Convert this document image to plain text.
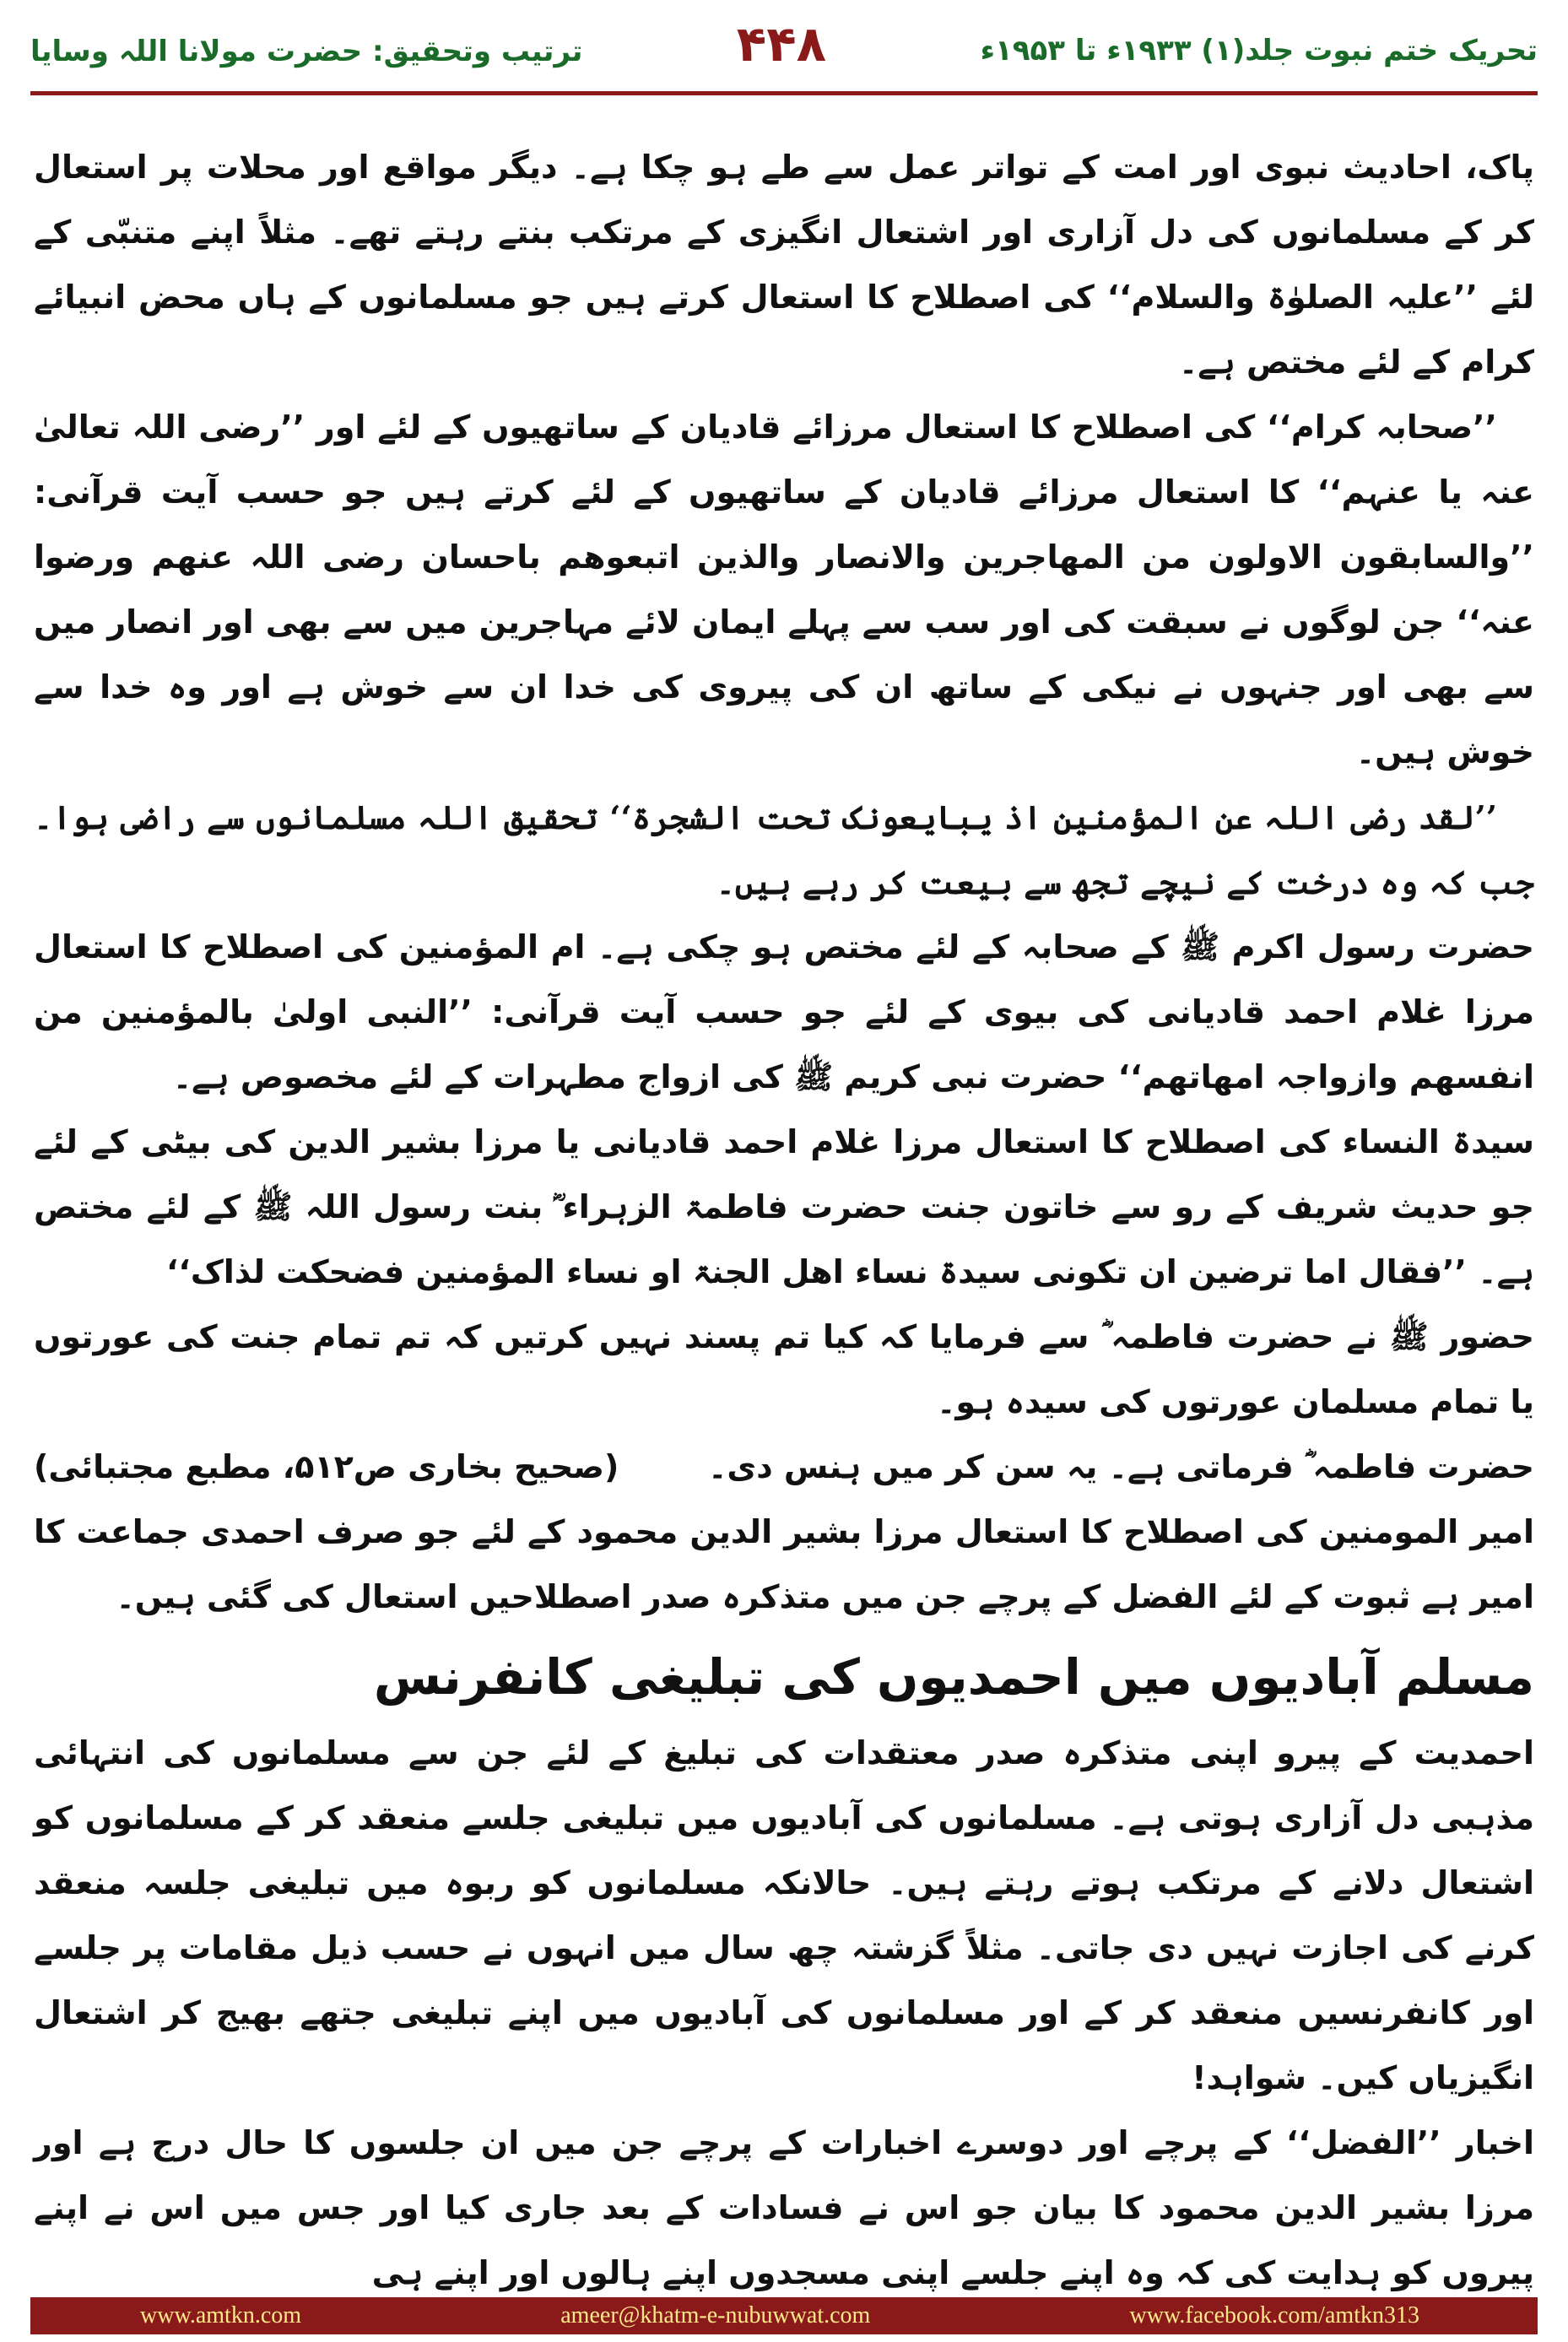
ترتیب وتحقیق: حضرت مولانا اللہ وسایا	۴۴۸	تحریک ختم نبوت جلد(۱) ۱۹۳۳ء تا ۱۹۵۳ء

پاک، احادیث نبوی اور امت کے تواتر عمل سے طے ہو چکا ہے۔ دیگر مواقع اور محلات پر استعال کر کے مسلمانوں کی دل آزاری اور اشتعال انگیزی کے مرتکب بنتے رہتے تھے۔ مثلاً اپنے متنبّی کے لئے ’’علیہ الصلوٰۃ والسلام‘‘ کی اصطلاح کا استعال کرتے ہیں جو مسلمانوں کے ہاں محض انبیائے کرام کے لئے مختص ہے۔

’’صحابہ کرام‘‘ کی اصطلاح کا استعال مرزائے قادیان کے ساتھیوں کے لئے اور ’’رضی اللہ تعالیٰ عنہ یا عنہم‘‘ کا استعال مرزائے قادیان کے ساتھیوں کے لئے کرتے ہیں جو حسب آیت قرآنی: ’’والسابقون الاولون من المھاجرین والانصار والذین اتبعوھم باحسان رضی اللہ عنھم ورضوا عنہ‘‘ جن لوگوں نے سبقت کی اور سب سے پہلے ایمان لائے مہاجرین میں سے بھی اور انصار میں سے بھی اور جنہوں نے نیکی کے ساتھ ان کی پیروی کی خدا ان سے خوش ہے اور وہ خدا سے خوش ہیں۔

’’لقد رضی اللہ عن المؤمنین اذ یبایعونک تحت الشجرۃ‘‘ تحقیق اللہ مسلمانوں سے راضی ہوا۔ جب کہ وہ درخت کے نیچے تجھ سے بیعت کر رہے ہیں۔

حضرت رسول اکرم ﷺ کے صحابہ کے لئے مختص ہو چکی ہے۔ ام المؤمنین کی اصطلاح کا استعال مرزا غلام احمد قادیانی کی بیوی کے لئے جو حسب آیت قرآنی: ’’النبی اولیٰ بالمؤمنین من انفسھم وازواجہ امھاتھم‘‘ حضرت نبی کریم ﷺ کی ازواج مطہرات کے لئے مخصوص ہے۔

سیدۃ النساء کی اصطلاح کا استعال مرزا غلام احمد قادیانی یا مرزا بشیر الدین کی بیٹی کے لئے جو حدیث شریف کے رو سے خاتون جنت حضرت فاطمۃ الزہراء ؓ بنت رسول اللہ ﷺ کے لئے مختص ہے۔ ’’فقال اما ترضین ان تکونی سیدۃ نساء اھل الجنۃ او نساء المؤمنین فضحکت لذاک‘‘

حضور ﷺ نے حضرت فاطمہ ؓ سے فرمایا کہ کیا تم پسند نہیں کرتیں کہ تم تمام جنت کی عورتوں یا تمام مسلمان عورتوں کی سیدہ ہو۔

حضرت فاطمہ ؓ فرماتی ہے۔ یہ سن کر میں ہنس دی۔
(صحیح بخاری ص۵۱۲، مطبع مجتبائی)

امیر المومنین کی اصطلاح کا استعال مرزا بشیر الدین محمود کے لئے جو صرف احمدی جماعت کا امیر ہے ثبوت کے لئے الفضل کے پرچے جن میں متذکرہ صدر اصطلاحیں استعال کی گئی ہیں۔

مسلم آبادیوں میں احمدیوں کی تبلیغی کانفرنس

احمدیت کے پیرو اپنی متذکرہ صدر معتقدات کی تبلیغ کے لئے جن سے مسلمانوں کی انتہائی مذہبی دل آزاری ہوتی ہے۔ مسلمانوں کی آبادیوں میں تبلیغی جلسے منعقد کر کے مسلمانوں کو اشتعال دلانے کے مرتکب ہوتے رہتے ہیں۔ حالانکہ مسلمانوں کو ربوہ میں تبلیغی جلسہ منعقد کرنے کی اجازت نہیں دی جاتی۔ مثلاً گزشتہ چھ سال میں انہوں نے حسب ذیل مقامات پر جلسے اور کانفرنسیں منعقد کر کے اور مسلمانوں کی آبادیوں میں اپنے تبلیغی جتھے بھیج کر اشتعال انگیزیاں کیں۔ شواہد!

اخبار ’’الفضل‘‘ کے پرچے اور دوسرے اخبارات کے پرچے جن میں ان جلسوں کا حال درج ہے اور مرزا بشیر الدین محمود کا بیان جو اس نے فسادات کے بعد جاری کیا اور جس میں اس نے اپنے پیروں کو ہدایت کی کہ وہ اپنے جلسے اپنی مسجدوں اپنے ہالوں اور اپنے ہی

www.amtkn.com	ameer@khatm-e-nubuwwat.com	www.facebook.com/amtkn313
